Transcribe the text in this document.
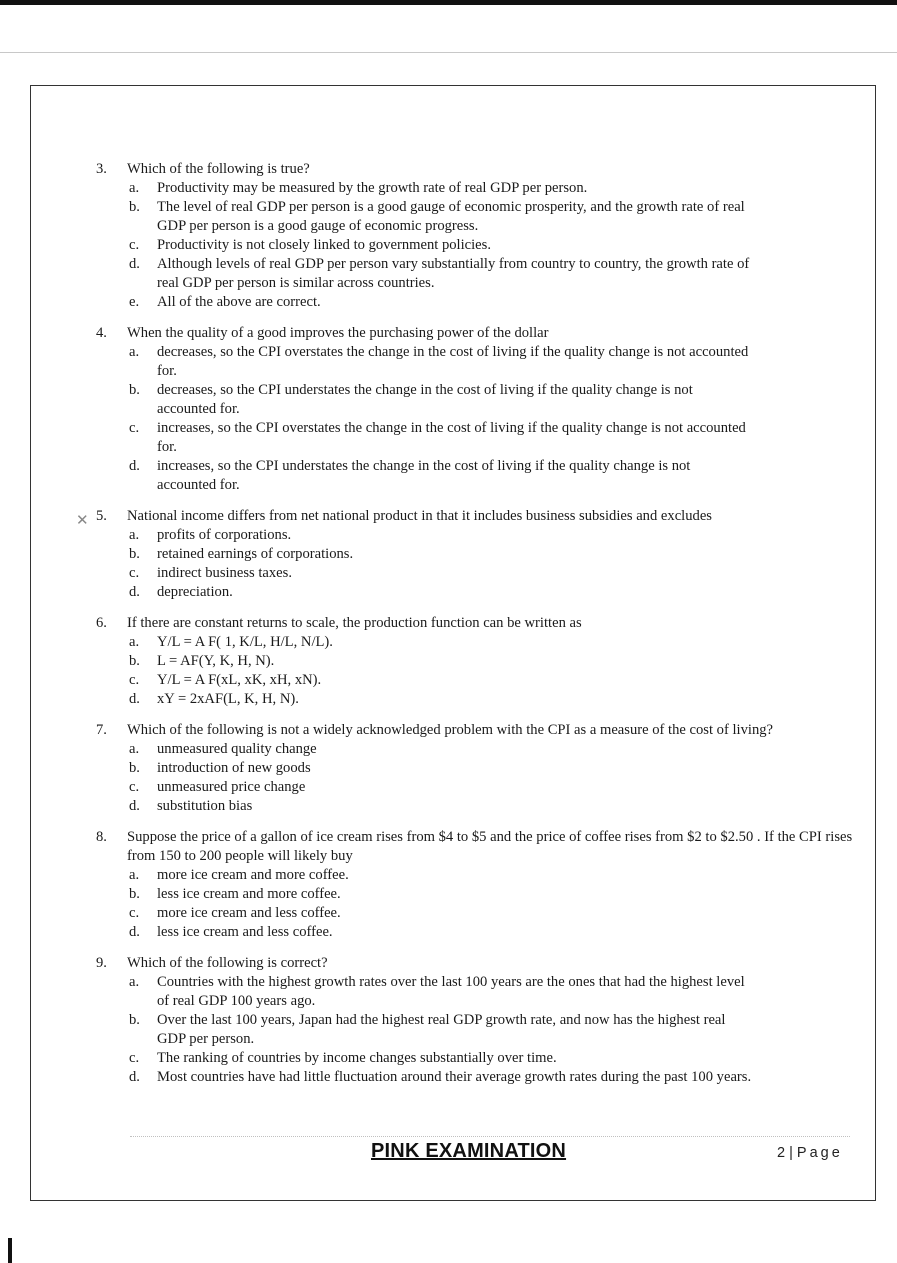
✕
3.	Which of the following is true?
a.	Productivity may be measured by the growth rate of real GDP per person.
b.	The level of real GDP per person is a good gauge of economic prosperity, and the growth rate of real GDP per person is a good gauge of economic progress.
c.	Productivity is not closely linked to government policies.
d.	Although levels of real GDP per person vary substantially from country to country, the growth rate of real GDP per person is similar across countries.
e.	All of the above are correct.
4.	When the quality of a good improves the purchasing power of the dollar
a.	decreases, so the CPI overstates the change in the cost of living if the quality change is not accounted for.
b.	decreases, so the CPI understates the change in the cost of living if the quality change is not accounted for.
c.	increases, so the CPI overstates the change in the cost of living if the quality change is not accounted for.
d.	increases, so the CPI understates the change in the cost of living if the quality change is not accounted for.
5.	National income differs from net national product in that it includes business subsidies and excludes
a.	profits of corporations.
b.	retained earnings of corporations.
c.	indirect business taxes.
d.	depreciation.
6.	If there are constant returns to scale, the production function can be written as
a.	Y/L = A F( 1, K/L, H/L, N/L).
b.	L = AF(Y, K, H, N).
c.	Y/L = A F(xL, xK, xH, xN).
d.	xY = 2xAF(L, K, H, N).
7.	Which of the following is not a widely acknowledged problem with the CPI as a measure of the cost of living?
a.	unmeasured quality change
b.	introduction of new goods
c.	unmeasured price change
d.	substitution bias
8.	Suppose the price of a gallon of ice cream rises from $4 to $5 and the price of coffee rises from $2 to $2.50 . If the CPI rises from 150 to 200 people will likely buy
a.	more ice cream and more coffee.
b.	less ice cream and more coffee.
c.	more ice cream and less coffee.
d.	less ice cream and less coffee.
9.	Which of the following is correct?
a.	Countries with the highest growth rates over the last 100 years are the ones that had the highest level of real GDP 100 years ago.
b.	Over the last 100 years, Japan had the highest real GDP growth rate, and now has the highest real GDP per person.
c.	The ranking of countries by income changes substantially over time.
d.	Most countries have had little fluctuation around their average growth rates during the past 100 years.
PINK EXAMINATION	2 | Page
